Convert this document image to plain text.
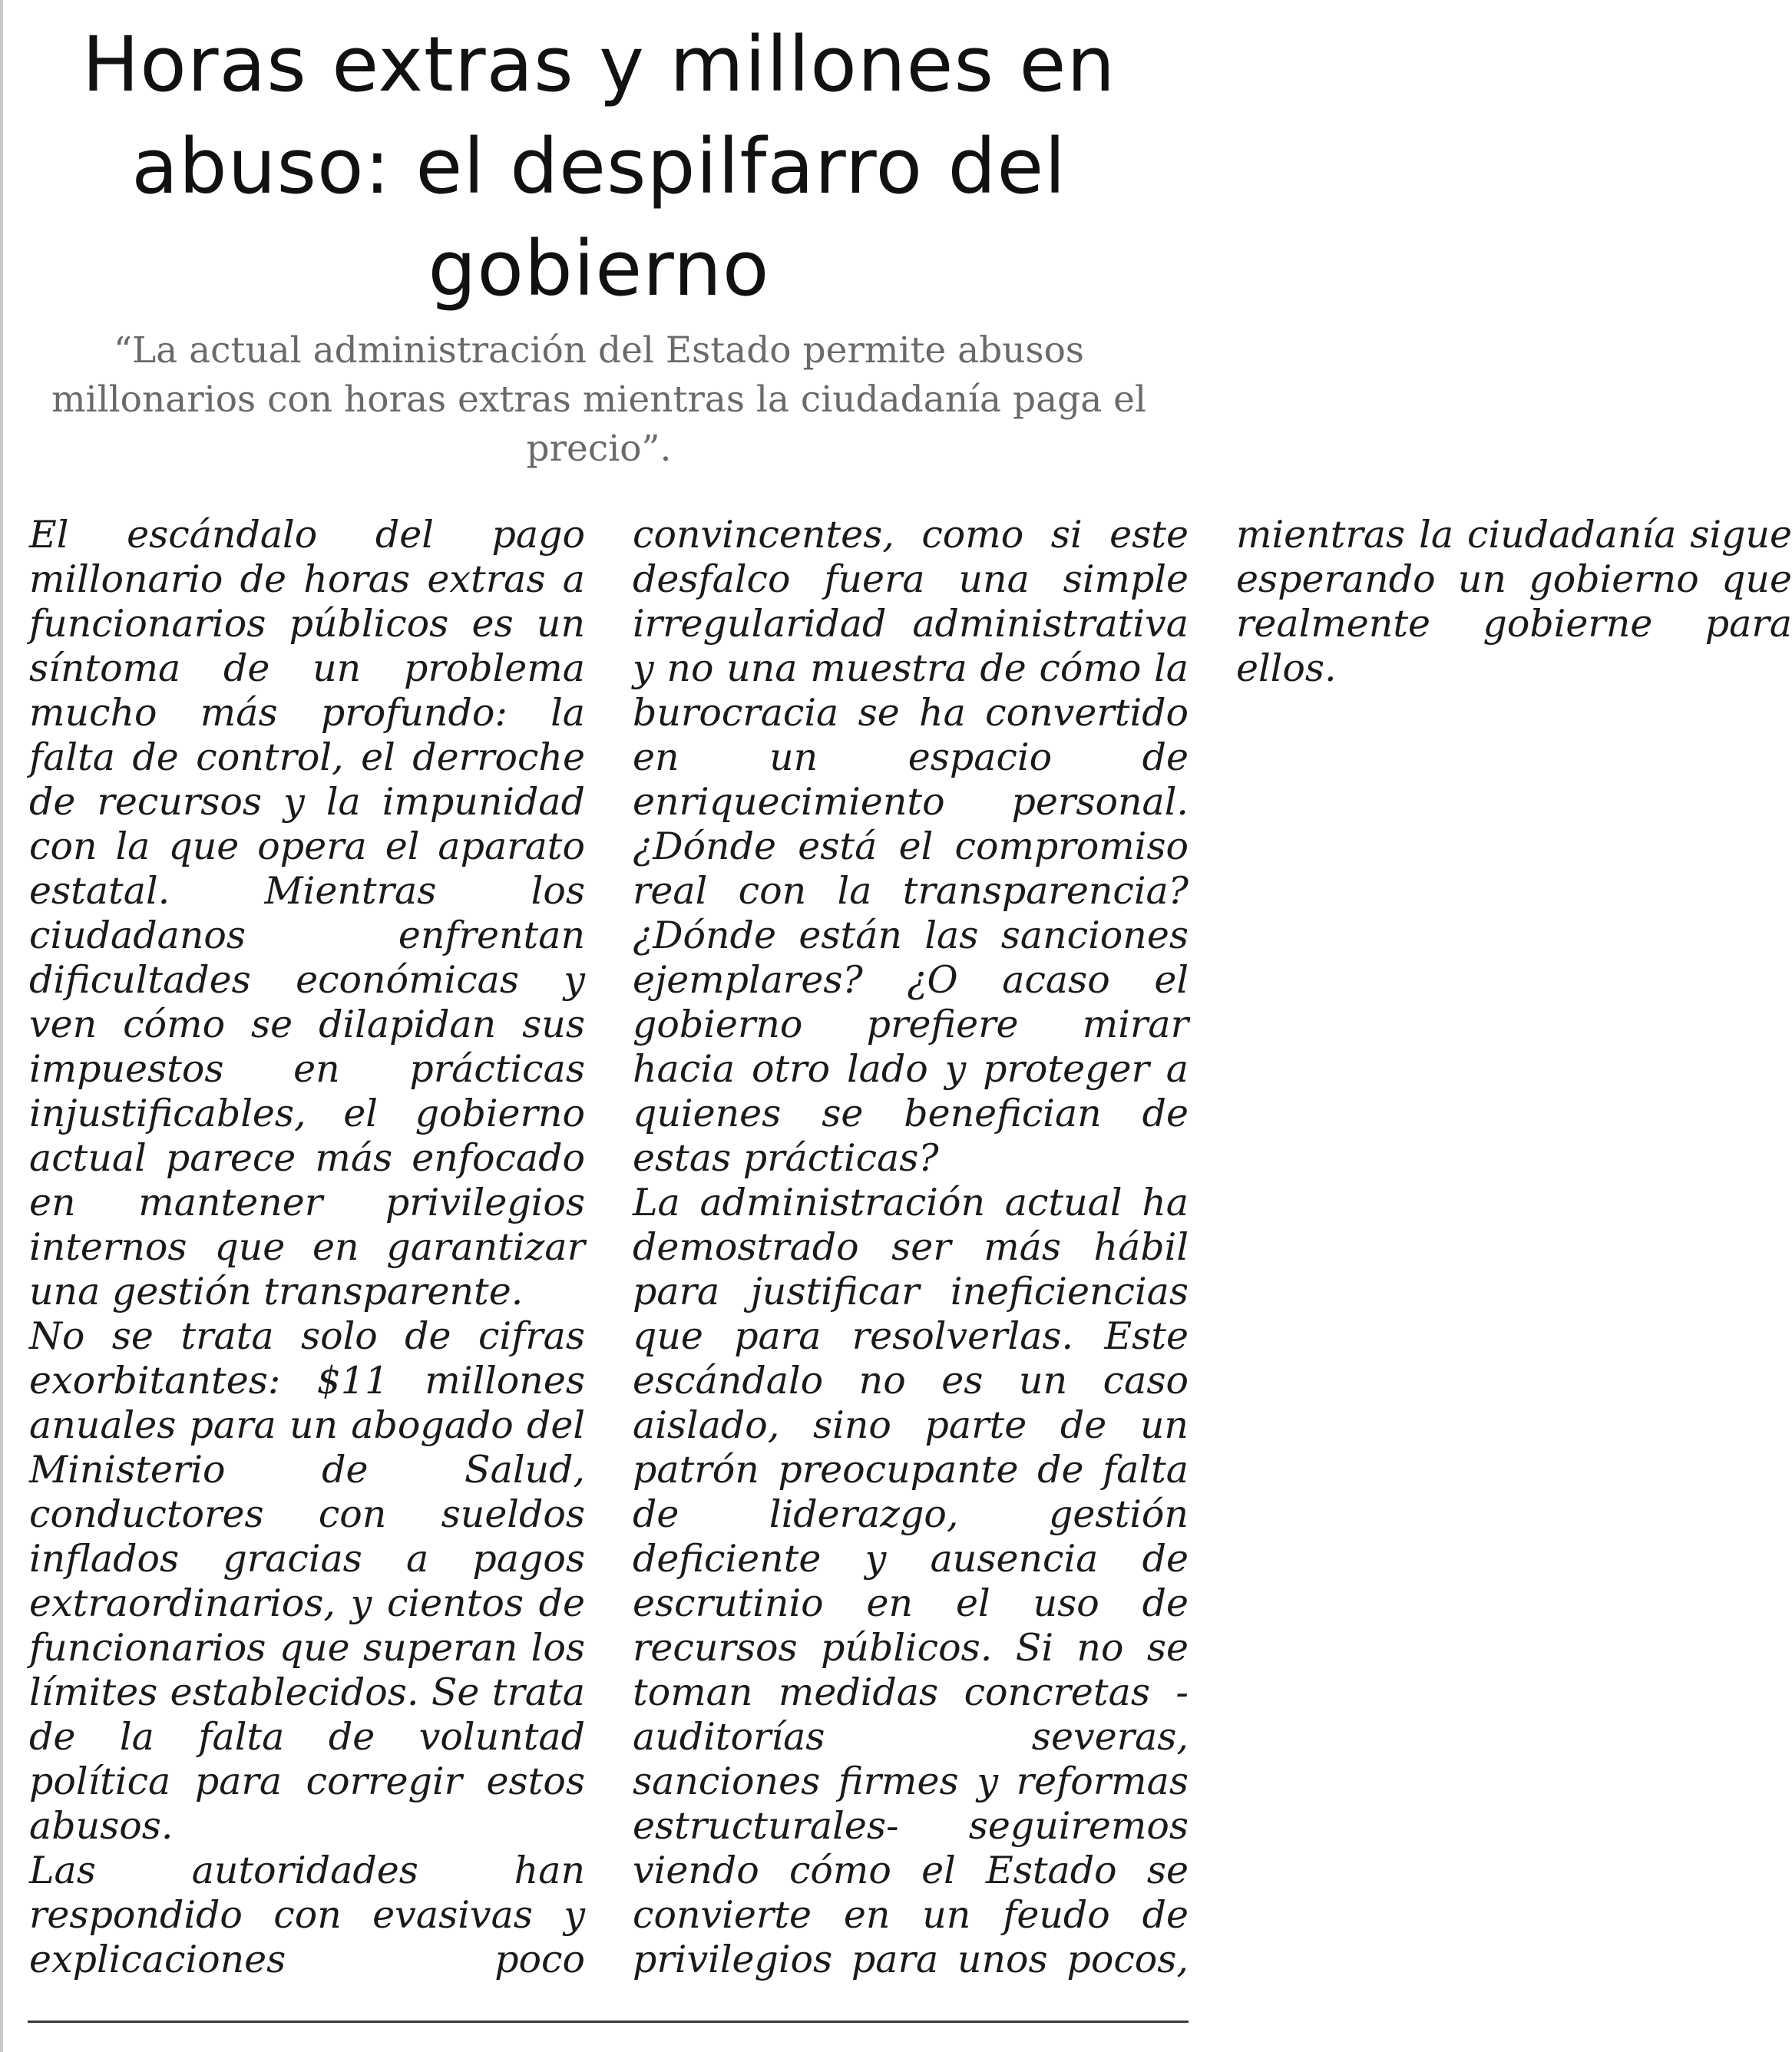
Horas extras y millones en abuso: el despilfarro del gobierno

“La actual administración del Estado permite abusos millonarios con horas extras mientras la ciudadanía paga el precio”.

El escándalo del pago millonario de horas extras a funcionarios públicos es un síntoma de un problema mucho más profundo: la falta de control, el derroche de recursos y la impunidad con la que opera el aparato estatal. Mientras los ciudadanos enfrentan dificultades económicas y ven cómo se dilapidan sus impuestos en prácticas injustificables, el gobierno actual parece más enfocado en mantener privilegios internos que en garantizar una gestión transparente.

No se trata solo de cifras exorbitantes: $11 millones anuales para un abogado del Ministerio de Salud, conductores con sueldos inflados gracias a pagos extraordinarios, y cientos de funcionarios que superan los límites establecidos. Se trata de la falta de voluntad política para corregir estos abusos.

Las autoridades han respondido con evasivas y explicaciones poco convincentes, como si este desfalco fuera una simple irregularidad administrativa y no una muestra de cómo la burocracia se ha convertido en un espacio de enriquecimiento personal. ¿Dónde está el compromiso real con la transparencia? ¿Dónde están las sanciones ejemplares? ¿O acaso el gobierno prefiere mirar hacia otro lado y proteger a quienes se benefician de estas prácticas?

La administración actual ha demostrado ser más hábil para justificar ineficiencias que para resolverlas. Este escándalo no es un caso aislado, sino parte de un patrón preocupante de falta de liderazgo, gestión deficiente y ausencia de escrutinio en el uso de recursos públicos. Si no se toman medidas concretas -auditorías severas, sanciones firmes y reformas estructurales- seguiremos viendo cómo el Estado se convierte en un feudo de privilegios para unos pocos, mientras la ciudadanía sigue esperando un gobierno que realmente gobierne para ellos.
